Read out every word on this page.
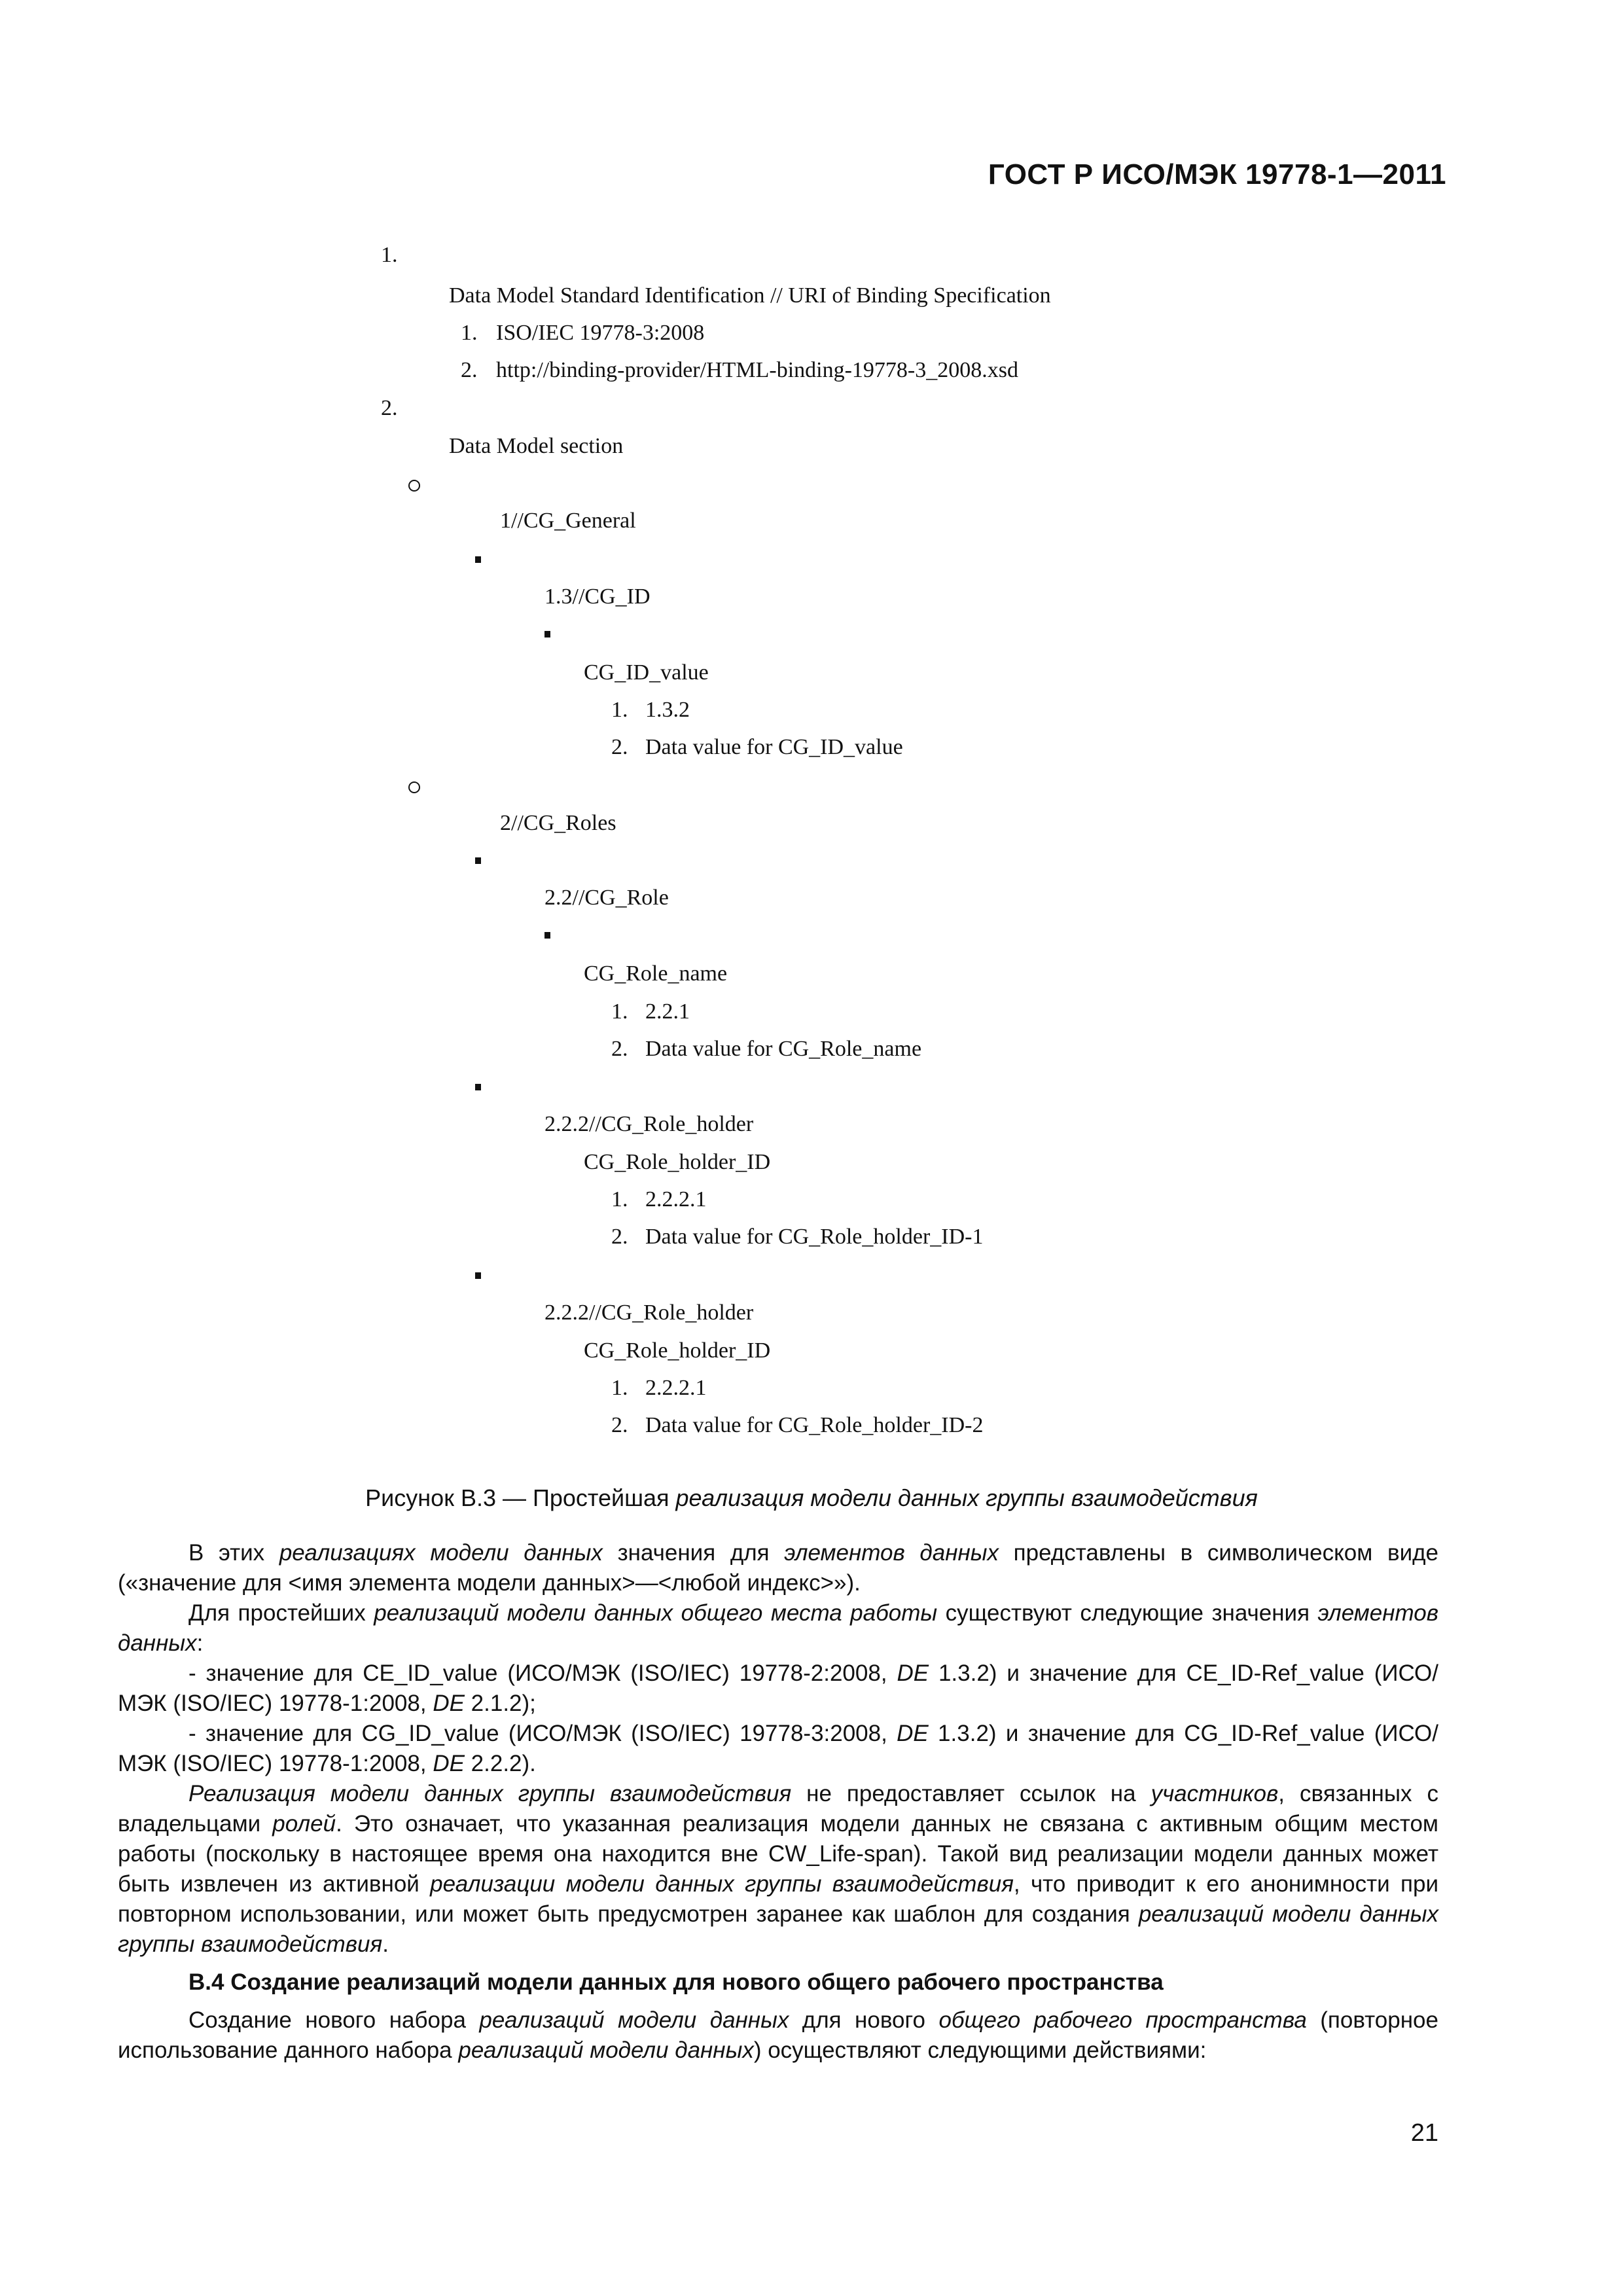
ГОСТ Р ИСО/МЭК 19778-1—2011
1.
Data Model Standard Identification // URI of Binding Specification
1. ISO/IEC 19778-3:2008
2. http://binding-provider/HTML-binding-19778-3_2008.xsd
2.
Data Model section
1//CG_General
1.3//CG_ID
CG_ID_value
1. 1.3.2
2. Data value for CG_ID_value
2//CG_Roles
2.2//CG_Role
CG_Role_name
1. 2.2.1
2. Data value for CG_Role_name
2.2.2//CG_Role_holder
CG_Role_holder_ID
1. 2.2.2.1
2. Data value for CG_Role_holder_ID-1
2.2.2//CG_Role_holder
CG_Role_holder_ID
1. 2.2.2.1
2. Data value for CG_Role_holder_ID-2
Рисунок В.3 — Простейшая реализация модели данных группы взаимодействия

В этих реализациях модели данных значения для элементов данных представлены в символическом виде («значение для <имя элемента модели данных>—<любой индекс>»).

Для простейших реализаций модели данных общего места работы существуют следующие значения элементов данных:

- значение для CE_ID_value (ИСО/МЭК (ISO/IEC) 19778-2:2008, DE 1.3.2) и значение для CE_ID-Ref_value (ИСО/МЭК (ISO/IEC) 19778-1:2008, DE 2.1.2);

- значение для CG_ID_value (ИСО/МЭК (ISO/IEC) 19778-3:2008, DE 1.3.2) и значение для CG_ID-Ref_value (ИСО/МЭК (ISO/IEC) 19778-1:2008, DE 2.2.2).

Реализация модели данных группы взаимодействия не предоставляет ссылок на участников, связанных с владельцами ролей. Это означает, что указанная реализация модели данных не связана с активным общим местом работы (поскольку в настоящее время она находится вне CW_Life-span). Такой вид реализации модели данных может быть извлечен из активной реализации модели данных группы взаимодействия, что приводит к его анонимности при повторном использовании, или может быть предусмотрен заранее как шаблон для создания реализаций модели данных группы взаимодействия.

В.4 Создание реализаций модели данных для нового общего рабочего пространства

Создание нового набора реализаций модели данных для нового общего рабочего пространства (повторное использование данного набора реализаций модели данных) осуществляют следующими действиями:

21
